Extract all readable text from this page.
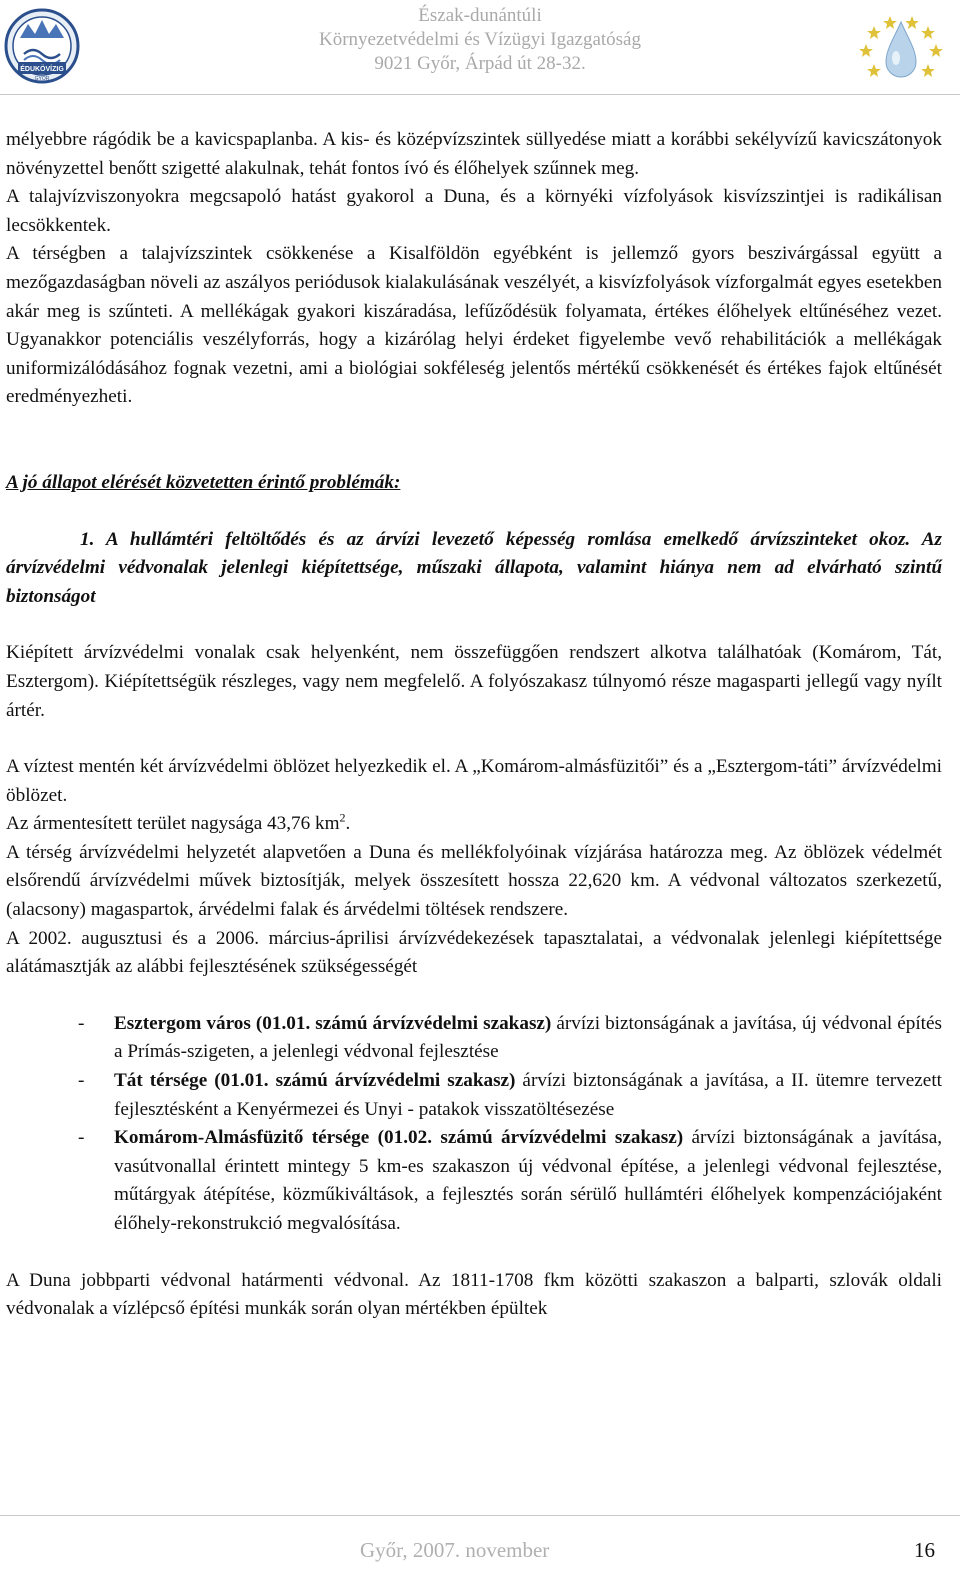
ÉDUKÖVÍZIG
GYŐR
Észak-dunántúli
Környezetvédelmi és Vízügyi Igazgatóság
9021 Győr, Árpád út 28-32.

mélyebbre rágódik be a kavicspaplanba. A kis- és középvízszintek süllyedése miatt a korábbi sekélyvízű kavicszátonyok növényzettel benőtt szigetté alakulnak, tehát fontos ívó és élőhelyek szűnnek meg.

A talajvízviszonyokra megcsapoló hatást gyakorol a Duna, és a környéki vízfolyások kisvízszintjei is radikálisan lecsökkentek.

A térségben a talajvízszintek csökkenése a Kisalföldön egyébként is jellemző gyors beszivárgással együtt a mezőgazdaságban növeli az aszályos periódusok kialakulásának veszélyét, a kisvízfolyások vízforgalmát egyes esetekben akár meg is szűnteti. A mellékágak gyakori kiszáradása, lefűződésük folyamata, értékes élőhelyek eltűnéséhez vezet. Ugyanakkor potenciális veszélyforrás, hogy a kizárólag helyi érdeket figyelembe vevő rehabilitációk a mellékágak uniformizálódásához fognak vezetni, ami a biológiai sokféleség jelentős mértékű csökkenését és értékes fajok eltűnését eredményezheti.

A jó állapot elérését közvetetten érintő problémák:

1. A hullámtéri feltöltődés és az árvízi levezető képesség romlása emelkedő árvízszinteket okoz. Az árvízvédelmi védvonalak jelenlegi kiépítettsége, műszaki állapota, valamint hiánya nem ad elvárható szintű biztonságot

Kiépített árvízvédelmi vonalak csak helyenként, nem összefüggően rendszert alkotva találhatóak (Komárom, Tát, Esztergom). Kiépítettségük részleges, vagy nem megfelelő. A folyószakasz túlnyomó része magasparti jellegű vagy nyílt ártér.

A víztest mentén két árvízvédelmi öblözet helyezkedik el. A „Komárom-almásfüzitői” és a „Esztergom-táti” árvízvédelmi öblözet.

Az ármentesített terület nagysága 43,76 $km^2$.

A térség árvízvédelmi helyzetét alapvetően a Duna és mellékfolyóinak vízjárása határozza meg. Az öblözek védelmét elsőrendű árvízvédelmi művek biztosítják, melyek összesített hossza 22,620 km. A védvonal változatos szerkezetű, (alacsony) magaspartok, árvédelmi falak és árvédelmi töltések rendszere.

A 2002. augusztusi és a 2006. március-áprilisi árvízvédekezések tapasztalatai, a védvonalak jelenlegi kiépítettsége alátámasztják az alábbi fejlesztésének szükségességét

- Esztergom város (01.01. számú árvízvédelmi szakasz) árvízi biztonságának a javítása, új védvonal építés a Prímás-szigeten, a jelenlegi védvonal fejlesztése

- Tát térsége (01.01. számú árvízvédelmi szakasz) árvízi biztonságának a javítása, a II. ütemre tervezett fejlesztésként a Kenyérmezei és Unyi - patakok visszatöltésezése

- Komárom-Almásfüzitő térsége (01.02. számú árvízvédelmi szakasz) árvízi biztonságának a javítása, vasútvonallal érintett mintegy 5 km-es szakaszon új védvonal építése, a jelenlegi védvonal fejlesztése, műtárgyak átépítése, közműkiváltások, a fejlesztés során sérülő hullámtéri élőhelyek kompenzációjaként élőhely-rekonstrukció megvalósítása.

A Duna jobbparti védvonal határmenti védvonal. Az 1811-1708 fkm közötti szakaszon a balparti, szlovák oldali védvonalak a vízlépcső építési munkák során olyan mértékben épültek

Győr, 2007. november	16
